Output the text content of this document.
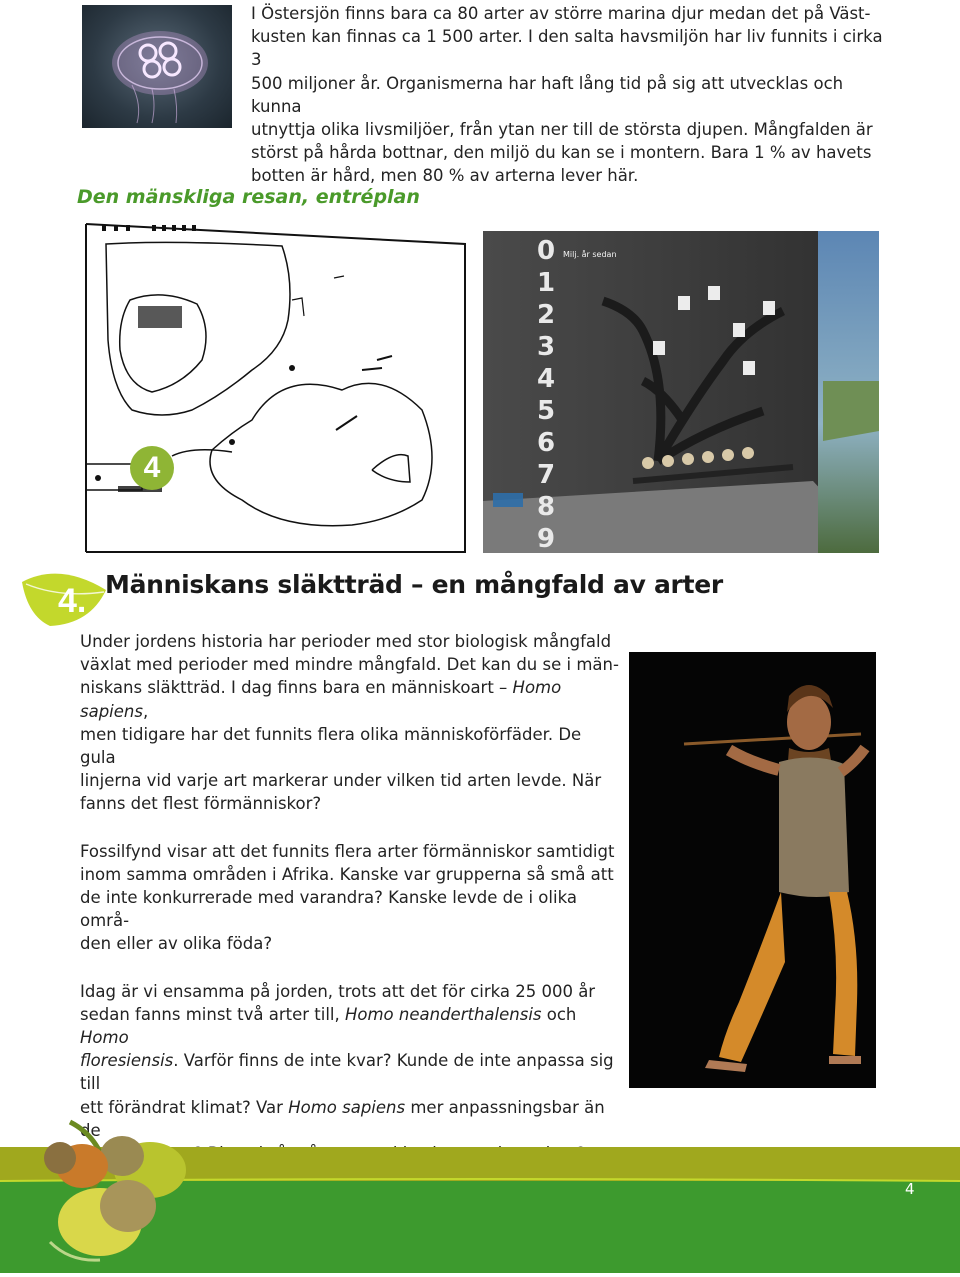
I Östersjön finns bara ca 80 arter av större marina djur medan det på Väst-

kusten kan finnas ca 1 500 arter. I den salta havsmiljön har liv funnits i cirka 3

500 miljoner år. Organismerna har haft lång tid på sig att utvecklas och kunna

utnyttja olika livsmiljöer, från ytan ner till de största djupen. Mångfalden är

störst på hårda bottnar, den miljö du kan se i montern. Bara 1 % av havets

botten är hård, men 80 % av arterna lever här.

Den mänskliga resan, entréplan

4
Milj. år sedan
0
1
2
3
4
5
6
7
8
9
4. Människans släktträd – en mångfald av arter

Under jordens historia har perioder med stor biologisk mångfald
växlat med perioder med mindre mångfald. Det kan du se i män-
niskans släktträd. I dag finns bara en människoart – Homo sapiens,
men tidigare har det funnits flera olika människoförfäder. De gula
linjerna vid varje art markerar under vilken tid arten levde. När
fanns det flest förmänniskor?

Fossilfynd visar att det funnits flera arter förmänniskor samtidigt
inom samma områden i Afrika. Kanske var grupperna så små att
de inte konkurrerade med varandra? Kanske levde de i olika områ-
den eller av olika föda?

Idag är vi ensamma på jorden, trots att det för cirka 25 000 år
sedan fanns minst två arter till, Homo neanderthalensis och Homo
floresiensis. Varför finns de inte kvar? Kunde de inte anpassa sig till
ett förändrat klimat? Var Homo sapiens mer anpassningsbar än de

4
